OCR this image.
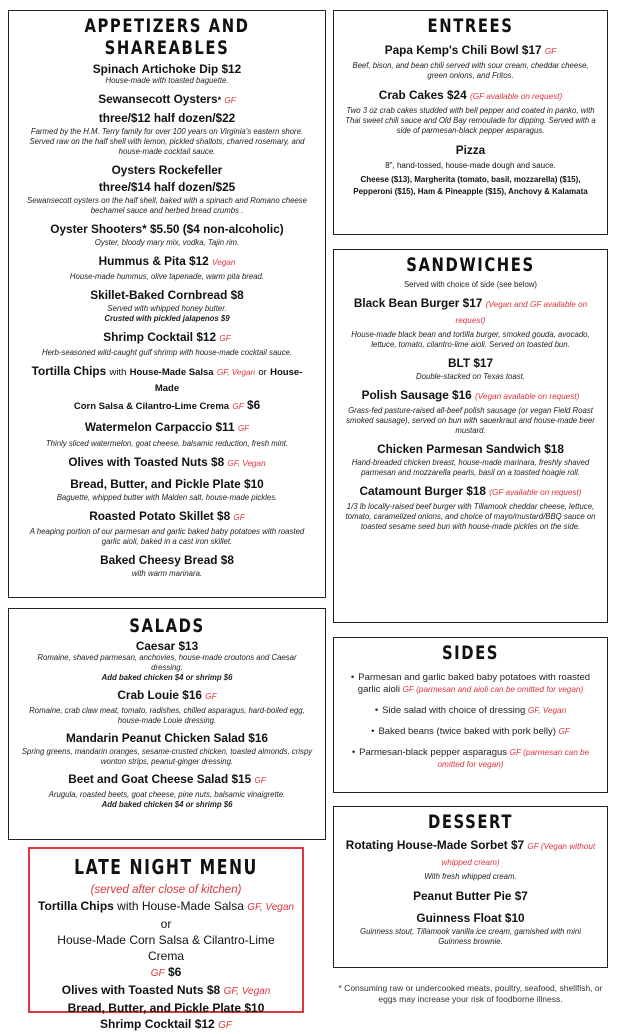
APPETIZERS AND SHAREABLES
Spinach Artichoke Dip $12
House-made with toasted baguette.
Sewansecott Oysters* GF
three/$12 half dozen/$22
Farmed by the H.M. Terry family for over 100 years on Virginia's eastern shore. Served raw on the half shell with lemon, pickled shallots, charred rosemary, and house-made cocktail sauce.
Oysters Rockefeller
three/$14 half dozen/$25
Sewansecott oysters on the half shell, baked with a spinach and Romano cheese bechamel sauce and herbed bread crumbs .
Oyster Shooters* $5.50 ($4 non-alcoholic)
Oyster, bloody mary mix, vodka, Tajin rim.
Hummus & Pita $12 Vegan
House-made hummus, olive tapenade, warm pita bread.
Skillet-Baked Cornbread $8
Served with whipped honey butter.
Crusted with pickled jalapenos $9
Shrimp Cocktail $12 GF
Herb-seasoned wild-caught gulf shrimp with house-made cocktail sauce.
Tortilla Chips with House-Made Salsa GF, Vegan or House-Made
Corn Salsa & Cilantro-Lime Crema GF $6
Watermelon Carpaccio $11 GF
Thinly sliced watermelon, goat cheese, balsamic reduction, fresh mint.
Olives with Toasted Nuts $8 GF, Vegan
Bread, Butter, and Pickle Plate $10
Baguette, whipped butter with Malden salt, house-made pickles.
Roasted Potato Skillet $8 GF
A heaping portion of our parmesan and garlic baked baby potatoes with roasted garlic aioli, baked in a cast iron skillet.
Baked Cheesy Bread $8
with warm marinara.
SALADS
Caesar $13
Romaine, shaved parmesan, anchovies, house-made croutons and Caesar dressing.
Add baked chicken $4 or shrimp $6
Crab Louie $16 GF
Romaine, crab claw meat, tomato, radishes, chilled asparagus, hard-boiled egg, house-made Louie dressing.
Mandarin Peanut Chicken Salad $16
Spring greens, mandarin oranges, sesame-crusted chicken, toasted almonds, crispy wonton strips, peanut-ginger dressing.
Beet and Goat Cheese Salad $15 GF
Arugula, roasted beets, goat cheese, pine nuts, balsamic vinaigrette.
Add baked chicken $4 or shrimp $6
LATE NIGHT MENU
(served after close of kitchen)
Tortilla Chips with House-Made Salsa GF, Vegan or
House-Made Corn Salsa & Cilantro-Lime Crema
GF $6
Olives with Toasted Nuts $8 GF, Vegan
Bread, Butter, and Pickle Plate $10
Shrimp Cocktail $12 GF
ENTREES
Papa Kemp's Chili Bowl $17 GF
Beef, bison, and bean chili served with sour cream, cheddar cheese, green onions, and Fritos.
Crab Cakes $24 (GF available on request)
Two 3 oz crab cakes studded with bell pepper and coated in panko, with Thai sweet chili sauce and Old Bay remoulade for dipping. Served with a side of parmesan-black pepper asparagus.
Pizza
8", hand-tossed, house-made dough and sauce.
Cheese ($13), Margherita (tomato, basil, mozzarella) ($15), Pepperoni ($15), Ham & Pineapple ($15), Anchovy & Kalamata
SANDWICHES
Served with choice of side (see below)
Black Bean Burger $17 (Vegan and GF available on request)
House-made black bean and tortilla burger, smoked gouda, avocado, lettuce, tomato, cilantro-lime aioli. Served on toasted bun.
BLT $17
Double-stacked on Texas toast.
Polish Sausage $16 (Vegan available on request)
Grass-fed pasture-raised all-beef polish sausage (or vegan Field Roast smoked sausage), served on bun with sauerkraut and house-made beer mustard.
Chicken Parmesan Sandwich $18
Hand-breaded chicken breast, house-made marinara, freshly shaved parmesan and mozzarella pearls, basil on a toasted hoagie roll.
Catamount Burger $18 (GF available on request)
1/3 lb locally-raised beef burger with Tillamook cheddar cheese, lettuce, tomato, caramelized onions, and choice of mayo/mustard/BBQ sauce on toasted sesame seed bun with house-made pickles on the side.
SIDES
• Parmesan and garlic baked baby potatoes with roasted garlic aioli GF (parmesan and aioli can be omitted for vegan)
• Side salad with choice of dressing GF, Vegan
• Baked beans (twice baked with pork belly) GF
• Parmesan-black pepper asparagus GF (parmesan can be omitted for vegan)
DESSERT
Rotating House-Made Sorbet $7 GF (Vegan without whipped cream)
With fresh whipped cream.
Peanut Butter Pie $7
Guinness Float $10
Guinness stout, Tillamook vanilla ice cream, garnished with mini Guinness brownie.
* Consuming raw or undercooked meats, poultry, seafood, shellfish, or eggs may increase your risk of foodborne illness.
